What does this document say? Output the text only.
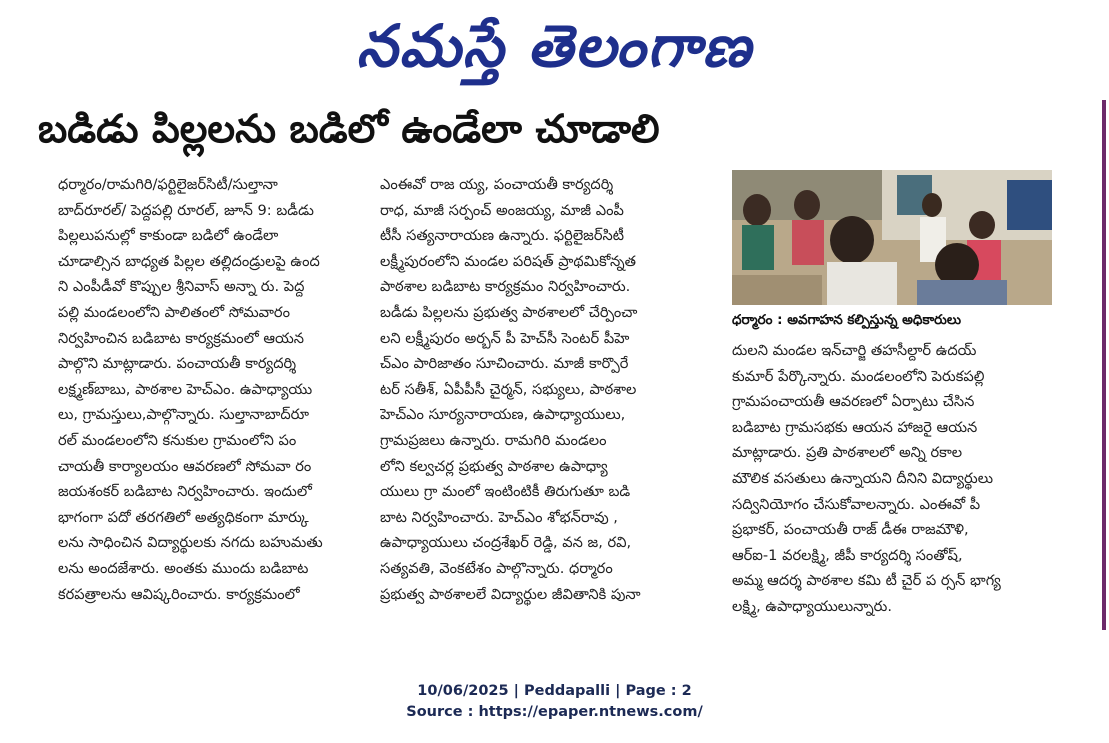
నమస్తే తెలంగాణ
బడిడు పిల్లలను బడిలో ఉండేలా చూడాలి
ధర్మారం/రామగిరి/ఫర్టిలైజర్‌సిటీ/సుల్తానా
బాద్‌రూరల్/ పెద్దపల్లి రూరల్, జూన్ 9: బడీడు
పిల్లలుపనుల్లో కాకుండా బడిలో ఉండేలా
చూడాల్సిన బాధ్యత పిల్లల తల్లిదండ్రులపై ఉంద
ని ఎంపీడీవో కొప్పుల శ్రీనివాస్ అన్నా రు. పెద్ద
పల్లి మండలంలోని పాలితంలో సోమవారం
నిర్వహించిన బడిబాట కార్యక్రమంలో ఆయన
పాల్గొని మాట్లాడారు. పంచాయతీ కార్యదర్శి
లక్ష్మణ్‌బాబు, పాఠశాల హెచ్‌ఎం. ఉపాధ్యాయు
లు, గ్రామస్తులు,పాల్గొన్నారు. సుల్తానాబాద్‌రూ
రల్ మండలంలోని కనుకుల గ్రామంలోని పం
చాయతీ కార్యాలయం ఆవరణలో సోమవా రం
జయశంకర్ బడిబాట నిర్వహించారు. ఇందులో
భాగంగా పదో తరగతిలో అత్యధికంగా మార్కు
లను సాధించిన విద్యార్థులకు నగదు బహుమతు
లను అందజేశారు. అంతకు ముందు బడిబాట
కరపత్రాలను ఆవిష్కరించారు. కార్యక్రమంలో
ఎంఈవో రాజ య్య, పంచాయతీ కార్యదర్శి
రాధ, మాజీ సర్పంచ్ అంజయ్య, మాజీ ఎంపీ
టీసీ సత్యనారాయణ ఉన్నారు. ఫర్టిలైజర్‌సిటీ
లక్ష్మీపురంలోని మండల పరిషత్ ప్రాథమికోన్నత
పాఠశాల బడిబాట కార్యక్రమం నిర్వహించారు.
బడీడు పిల్లలను ప్రభుత్వ పాఠశాలలో చేర్పించా
లని లక్ష్మీపురం అర్బన్ పీ హెచ్‌సీ సెంటర్ పీహె
చ్‌ఎం పారిజాతం సూచించారు. మాజీ కార్పొరే
టర్ సతీశ్, ఏపీపీసీ చైర్మన్, సభ్యులు, పాఠశాల
హెచ్‌ఎం సూర్యనారాయణ, ఉపాధ్యాయులు,
గ్రామప్రజలు ఉన్నారు. రామగిరి మండలం
లోని కల్వచర్ల ప్రభుత్వ పాఠశాల ఉపాధ్యా
యులు గ్రా మంలో ఇంటింటికీ తిరుగుతూ బడి
బాట నిర్వహించారు. హెచ్‌ఎం శోభన్‌రావు ,
ఉపాధ్యాయులు చంద్రశేఖర్ రెడ్డి, వన జ, రవి,
సత్యవతి, వెంకటేశం పాల్గొన్నారు. ధర్మారం
ప్రభుత్వ పాఠశాలలే విద్యార్థుల జీవితానికి పునా
ధర్మారం : అవగాహన కల్పిస్తున్న అధికారులు
దులని మండల ఇన్‌చార్జి తహసీల్దార్ ఉదయ్
కుమార్ పేర్కొన్నారు. మండలంలోని పెరుకపల్లి
గ్రామపంచాయతీ ఆవరణలో ఏర్పాటు చేసిన
బడిబాట గ్రామసభకు ఆయన హాజరై ఆయన
మాట్లాడారు. ప్రతి పాఠశాలలో అన్ని రకాల
మౌలిక వసతులు ఉన్నాయని దీనిని విద్యార్థులు
సద్వినియోగం చేసుకోవాలన్నారు. ఎంఈవో పీ
ప్రభాకర్, పంచాయతీ రాజ్ డీఈ రాజమౌళి,
ఆర్ఐ-1 వరలక్ష్మి, జీపీ కార్యదర్శి సంతోష్,
అమ్మ ఆదర్శ పాఠశాల కమి టీ చైర్ ప ర్సన్ భాగ్య
లక్ష్మి, ఉపాధ్యాయులున్నారు.
10/06/2025 | Peddapalli | Page : 2
Source : https://epaper.ntnews.com/
